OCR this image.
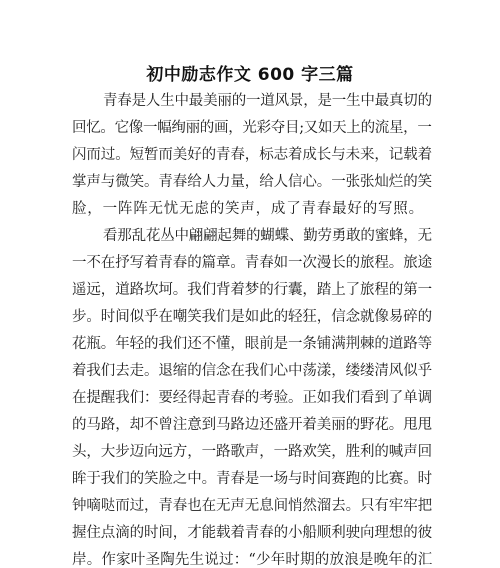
初中励志作文 600 字三篇
青春是人生中最美丽的一道风景，是一生中最真切的
回忆。它像一幅绚丽的画，光彩夺目;又如天上的流星，一
闪而过。短暂而美好的青春，标志着成长与未来，记载着
掌声与微笑。青春给人力量，给人信心。一张张灿烂的笑
脸，一阵阵无忧无虑的笑声，成了青春最好的写照。
看那乱花丛中翩翩起舞的蝴蝶、勤劳勇敢的蜜蜂，无
一不在抒写着青春的篇章。青春如一次漫长的旅程。旅途
遥远，道路坎坷。我们背着梦的行囊，踏上了旅程的第一
步。时间似乎在嘲笑我们是如此的轻狂，信念就像易碎的
花瓶。年轻的我们还不懂，眼前是一条铺满荆棘的道路等
着我们去走。退缩的信念在我们心中荡漾，缕缕清风似乎
在提醒我们：要经得起青春的考验。正如我们看到了单调
的马路，却不曾注意到马路边还盛开着美丽的野花。甩甩
头，大步迈向远方，一路歌声，一路欢笑，胜利的喊声回
眸于我们的笑脸之中。青春是一场与时间赛跑的比赛。时
钟嘀哒而过，青春也在无声无息间悄然溜去。只有牢牢把
握住点滴的时间，才能载着青春的小船顺利驶向理想的彼
岸。作家叶圣陶先生说过：“少年时期的放浪是晚年的汇
